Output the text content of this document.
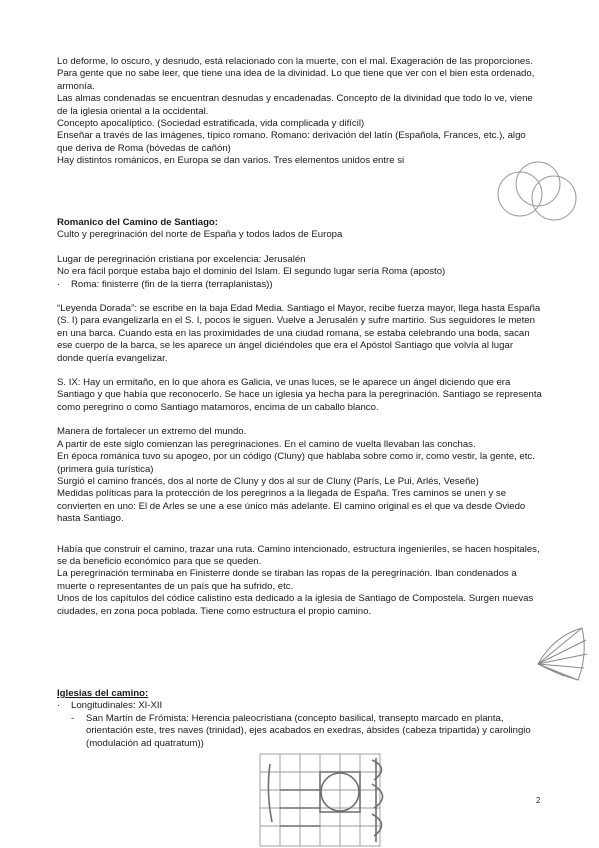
Lo deforme, lo oscuro, y desnudo, está relacionado con la muerte, con el mal. Exageración de las proporciones.

Para gente que no sabe leer, que tiene una idea de la divinidad. Lo que tiene que ver con el bien esta ordenado, armonía.

Las almas condenadas se encuentran desnudas y encadenadas. Concepto de la divinidad que todo lo ve, viene de la iglesia oriental a la occidental.

Concepto apocalíptico. (Sociedad estratificada, vida complicada y difícil)

Enseñar a través de las imágenes, típico romano. Romano: derivación del latín (Española, Frances, etc.), algo que deriva de Roma (bóvedas de cañón)

Hay distintos románicos, en Europa se dan varios. Tres elementos unidos entre si

Romanico del Camino de Santiago:

Culto y peregrinación del norte de España y todos lados de Europa

Lugar de peregrinación cristiana por excelencia: Jerusalén

No era fácil porque estaba bajo el dominio del Islam. El segundo lugar sería Roma (aposto)

·	Roma: finisterre (fin de la tierra (terraplanistas))

“Leyenda Dorada”: se escribe en la baja Edad Media. Santiago el Mayor, recibe fuerza mayor, llega hasta España (S. I) para evangelizarla en el S. I, pocos le siguen. Vuelve a Jerusalén y sufre martirio. Sus seguidores le meten en una barca. Cuando esta en las proximidades de una ciudad romana, se estaba celebrando una boda, sacan ese cuerpo de la barca, se les aparece un ángel diciéndoles que era el Apóstol Santiago que volvía al lugar donde quería evangelizar.

S. IX: Hay un ermitaño, en lo que ahora es Galicia, ve unas luces, se le aparece un ángel diciendo que era Santiago y que había que reconocerlo. Se hace un iglesia ya hecha para la peregrinación. Santiago se representa como peregrino o como Santiago matamoros, encima de un caballo blanco.

Manera de fortalecer un extremo del mundo.

A partir de este siglo comienzan las peregrinaciones. En el camino de vuelta llevaban las conchas.

En época románica tuvo su apogeo, por un código (Cluny) que hablaba sobre como ir, como vestir, la gente, etc. (primera guía turística)

Surgió el camino francés, dos al norte de Cluny y dos al sur de Cluny (París, Le Pui, Arlés, Veseñe)

Medidas políticas para la protección de los peregrinos a la llegada de España. Tres caminos se unen y se convierten en uno: El de Arles se une a ese único más adelante. El camino original es el que va desde Oviedo hasta Santiago.

Había que construir el camino, trazar una ruta. Camino intencionado, estructura ingenieriles, se hacen hospitales, se da beneficio económico para que se queden.

La peregrinación terminaba en Finisterre donde se tiraban las ropas de la peregrinación. Iban condenados a muerte o representantes de un país que ha sufrido, etc.

Unos de los capítulos del códice calistino esta dedicado a la iglesia de Santiago de Compostela. Surgen nuevas ciudades, en zona poca poblada. Tiene como estructura el propio camino.

Iglesias del camino:

·	Longitudinales: XI-XII
-	San Martín de Frómista: Herencia paleocristiana (concepto basilical, transepto marcado en planta, orientación este, tres naves (trinidad), ejes acabados en exedras, ábsides (cabeza tripartida) y carolingio (modulación ad quatratum))
2
